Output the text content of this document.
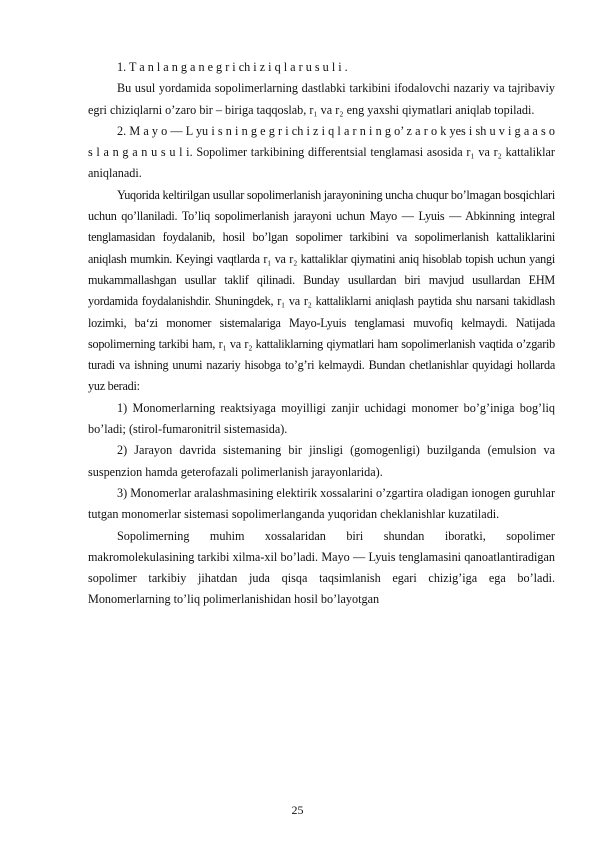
1. T a n l a n g a n e g r i ch i z i q l a r u s u l i .

Bu usul yordamida sopolimerlarning dastlabki tarkibini ifodalovchi nazariy va tajribaviy egri chiziqlarni o’zaro bir – biriga taqqoslab, r₁ va r₂ eng yaxshi qiymatlari aniqlab topiladi.

2. M a y o — L yu i s n i n g e g r i ch i z i q l a r n i n g o’ z a r o k yes i sh u v i g a a s o s l a n g a n u s u l i. Sopolimer tarkibining differentsial tenglamasi asosida r₁ va r₂ kattaliklar aniqlanadi.

Yuqorida keltirilgan usullar sopolimerlanish jarayonining uncha chuqur bo’lmagan bosqichlari uchun qo’llaniladi. To’liq sopolimerlanish jarayoni uchun Mayo — Lyuis — Abkinning integral tenglamasidan foydalanib, hosil bo’lgan sopolimer tarkibini va sopolimerlanish kattaliklarini aniqlash mumkin. Keyingi vaqtlarda r₁ va r₂ kattaliklar qiymatini aniq hisoblab topish uchun yangi mukammallashgan usullar taklif qilinadi. Bunday usullardan biri mavjud usullardan EHM yordamida foydalanishdir. Shuningdek, r₁ va r₂ kattaliklarni aniqlash paytida shu narsani takidlash lozimki, ba‘zi monomer sistemalariga Mayo-Lyuis tenglamasi muvofiq kelmaydi. Natijada sopolimerning tarkibi ham, r₁ va r₂ kattaliklarning qiymatlari ham sopolimerlanish vaqtida o’zgarib turadi va ishning unumi nazariy hisobga to’g’ri kelmaydi. Bundan chetlanishlar quyidagi hollarda yuz beradi:

1) Monomerlarning reaktsiyaga moyilligi zanjir uchidagi monomer bo’g’iniga bog’liq bo’ladi; (stirol-fumaronitril sistemasida).

2) Jarayon davrida sistemaning bir jinsligi (gomogenligi) buzilganda (emulsion va suspenzion hamda geterofazali polimerlanish jarayonlarida).

3) Monomerlar aralashmasining elektirik xossalarini o’zgartira oladigan ionogen guruhlar tutgan monomerlar sistemasi sopolimerlanganda yuqoridan cheklanishlar kuzatiladi.

Sopolimerning muhim xossalaridan biri shundan iboratki, sopolimer makromolekulasining tarkibi xilma-xil bo’ladi. Mayo — Lyuis tenglamasini qanoatlantiradigan sopolimer tarkibiy jihatdan juda qisqa taqsimlanish egari chizig’iga ega bo’ladi. Monomerlarning to’liq polimerlanishidan hosil bo’layotgan

25
